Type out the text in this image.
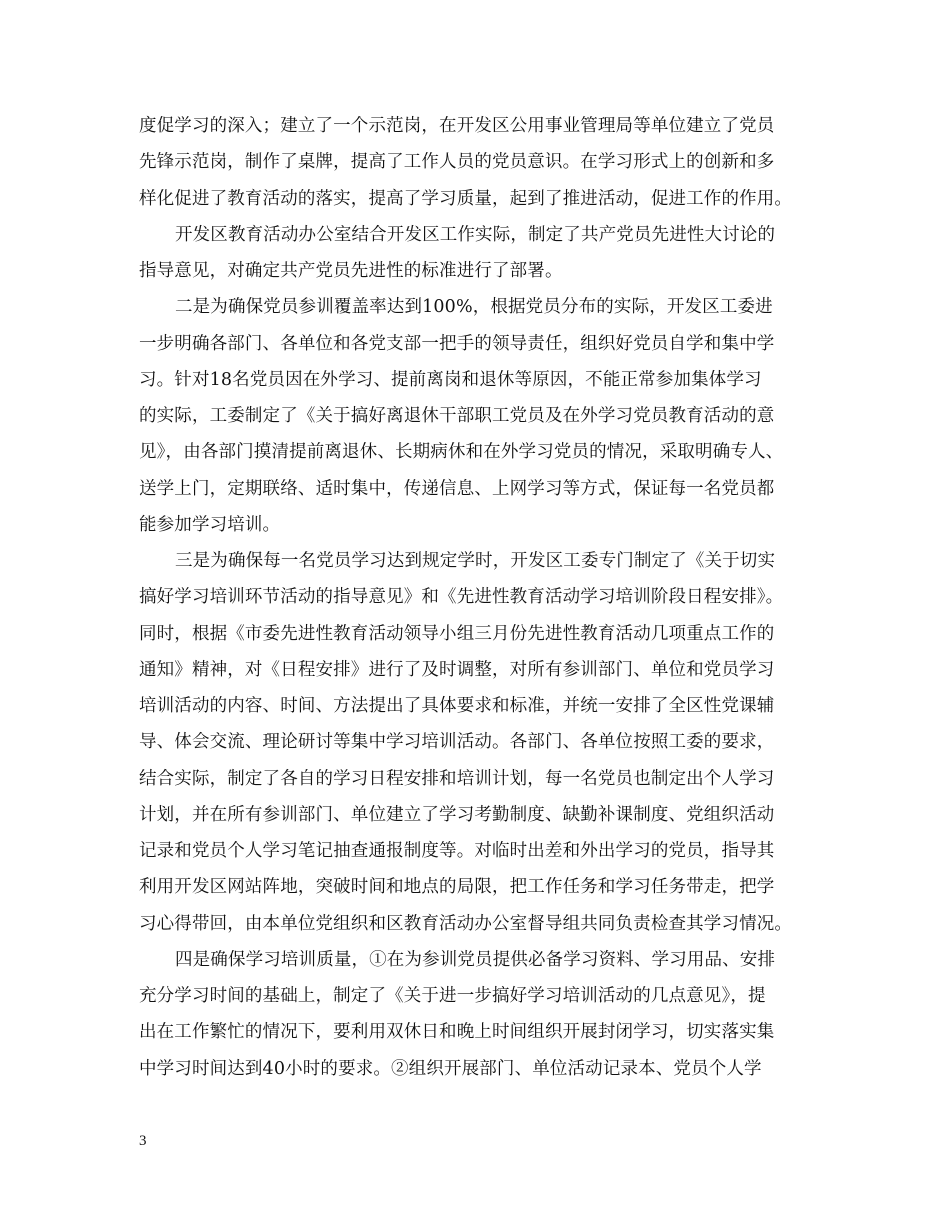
度促学习的深入；建立了一个示范岗，在开发区公用事业管理局等单位建立了党员
先锋示范岗，制作了桌牌，提高了工作人员的党员意识。在学习形式上的创新和多
样化促进了教育活动的落实，提高了学习质量，起到了推进活动，促进工作的作用。
开发区教育活动办公室结合开发区工作实际，制定了共产党员先进性大讨论的
指导意见，对确定共产党员先进性的标准进行了部署。
二是为确保党员参训覆盖率达到100%，根据党员分布的实际，开发区工委进
一步明确各部门、各单位和各党支部一把手的领导责任，组织好党员自学和集中学
习。针对18名党员因在外学习、提前离岗和退休等原因，不能正常参加集体学习
的实际，工委制定了《关于搞好离退休干部职工党员及在外学习党员教育活动的意
见》，由各部门摸清提前离退休、长期病休和在外学习党员的情况，采取明确专人、
送学上门，定期联络、适时集中，传递信息、上网学习等方式，保证每一名党员都
能参加学习培训。
三是为确保每一名党员学习达到规定学时，开发区工委专门制定了《关于切实
搞好学习培训环节活动的指导意见》和《先进性教育活动学习培训阶段日程安排》。
同时，根据《市委先进性教育活动领导小组三月份先进性教育活动几项重点工作的
通知》精神，对《日程安排》进行了及时调整，对所有参训部门、单位和党员学习
培训活动的内容、时间、方法提出了具体要求和标准，并统一安排了全区性党课辅
导、体会交流、理论研讨等集中学习培训活动。各部门、各单位按照工委的要求，
结合实际，制定了各自的学习日程安排和培训计划，每一名党员也制定出个人学习
计划，并在所有参训部门、单位建立了学习考勤制度、缺勤补课制度、党组织活动
记录和党员个人学习笔记抽查通报制度等。对临时出差和外出学习的党员，指导其
利用开发区网站阵地，突破时间和地点的局限，把工作任务和学习任务带走，把学
习心得带回，由本单位党组织和区教育活动办公室督导组共同负责检查其学习情况。
四是确保学习培训质量，①在为参训党员提供必备学习资料、学习用品、安排
充分学习时间的基础上，制定了《关于进一步搞好学习培训活动的几点意见》，提
出在工作繁忙的情况下，要利用双休日和晚上时间组织开展封闭学习，切实落实集
中学习时间达到40小时的要求。②组织开展部门、单位活动记录本、党员个人学
3
